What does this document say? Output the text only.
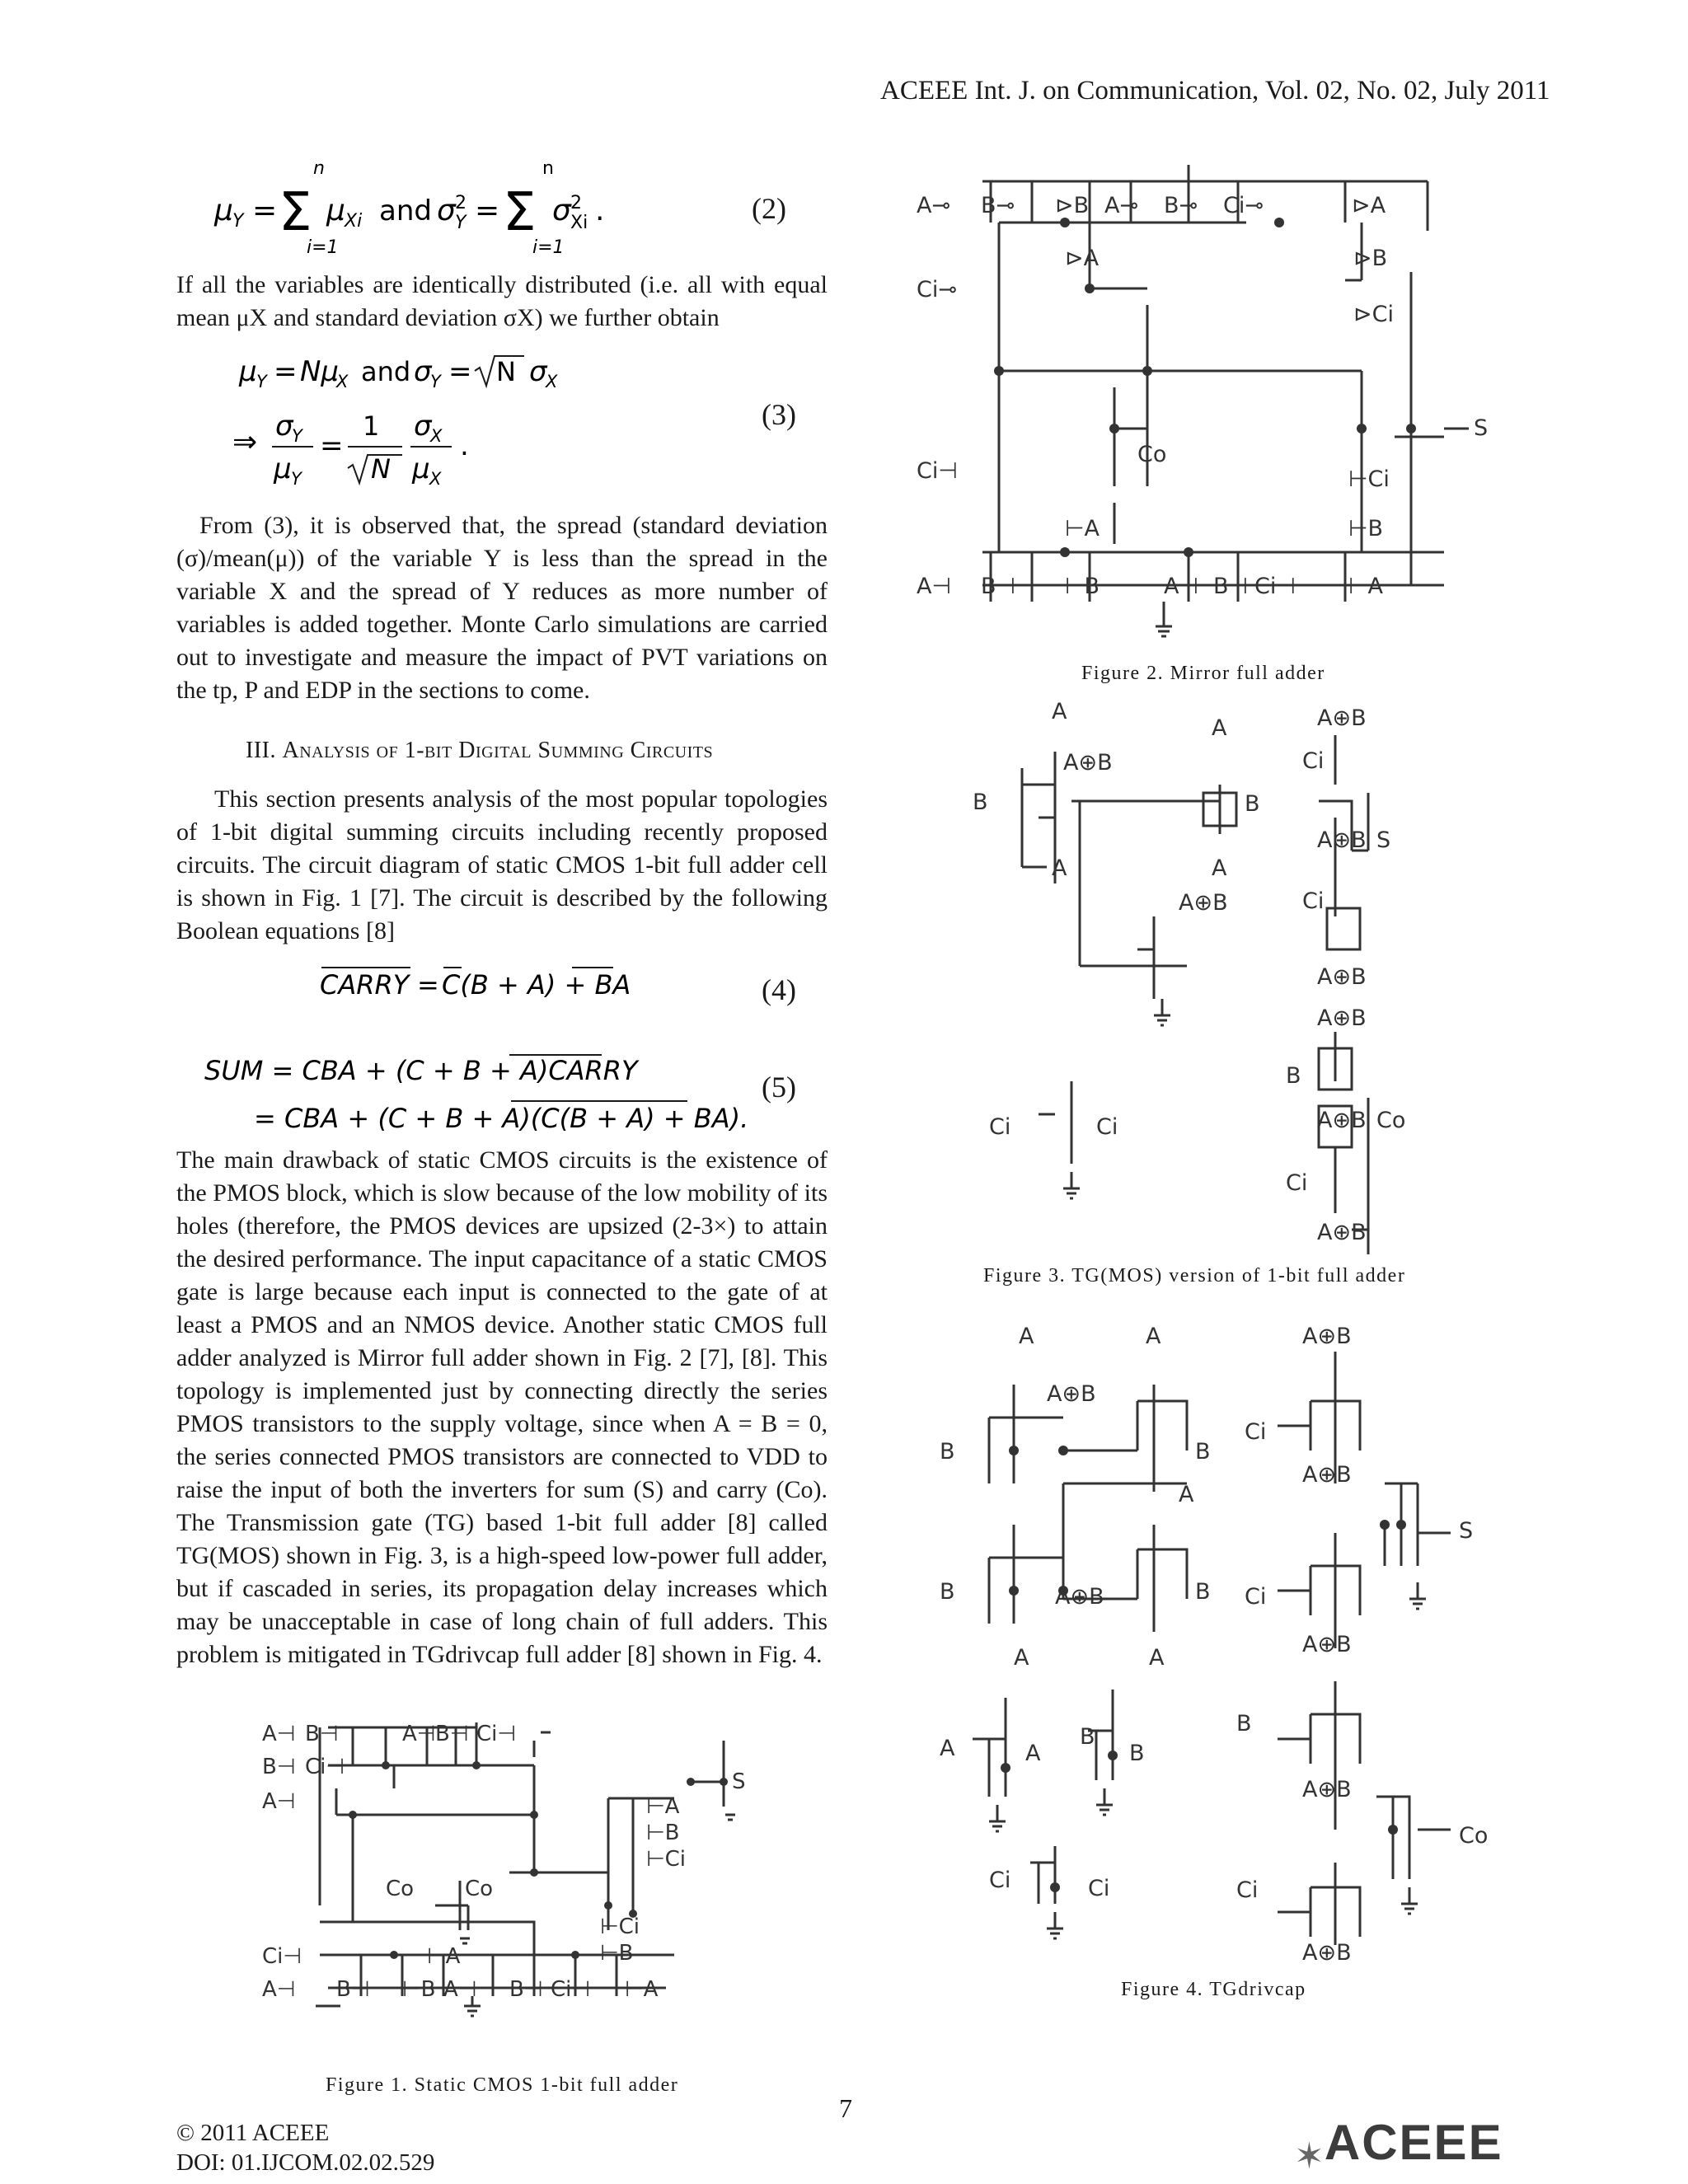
ACEEE Int. J. on Communication, Vol. 02, No. 02, July 2011
μ Y = Σ
n
i=1
μ Xi and σ 2
Y = Σ
n
i=1
σ 2
Xi .	(2)

If all the variables are identically distributed (i.e. all with equal mean μX and standard deviation σX) we further obtain

μ Y = Nμ
X and σ
Y = N σ
X
⇒ σ
Y
μ Y
=
1
N
σ
X
μ X
.
(3)

From (3), it is observed that, the spread (standard deviation (σ)/mean(μ)) of the variable Y is less than the spread in the variable X and the spread of Y reduces as more number of variables is added together. Monte Carlo simulations are carried out to investigate and measure the impact of PVT variations on the tp, P and EDP in the sections to come.

III. Analysis of 1-bit Digital Summing Circuits

This section presents analysis of the most popular topologies of 1-bit digital summing circuits including recently proposed circuits. The circuit diagram of static CMOS 1-bit full adder cell is shown in Fig. 1 [7]. The circuit is described by the following Boolean equations [8]

CARRY = C(B + A) + BA	(4)
SUM = CBA + (C + B + A)CARRY
= CBA + (C + B + A)(C(B + A) + BA).
(5)

The main drawback of static CMOS circuits is the existence of the PMOS block, which is slow because of the low mobility of its holes (therefore, the PMOS devices are upsized (2-3×) to attain the desired performance. The input capacitance of a static CMOS gate is large because each input is connected to the gate of at least a PMOS and an NMOS device. Another static CMOS full adder analyzed is Mirror full adder shown in Fig. 2 [7], [8]. This topology is implemented just by connecting directly the series PMOS transistors to the supply voltage, since when A = B = 0, the series connected PMOS transistors are connected to VDD to raise the input of both the inverters for sum (S) and carry (Co). The Transmission gate (TG) based 1-bit full adder [8] called TG(MOS) shown in Fig. 3, is a high-speed low-power full adder, but if cascaded in series, its propagation delay increases which may be unacceptable in case of long chain of full adders. This problem is mitigated in TGdrivcap full adder [8] shown in Fig. 4.

A⊣ B⊣	A⊣ B⊣ Ci⊣
B⊣ Ci⊣
A⊣	⊢A
⊢B
⊢Ci
⊢Ci
⊢B
Co Co
S
Ci⊣	⊢A
A⊣ B⊣ ⊢B A⊣ B⊣ Ci⊣ ⊢A
Figure 1. Static CMOS 1-bit full adder
A⊸ B⊸ ⊳B A⊸ B⊸ Ci⊸	⊳A
⊳A	⊳B
⊳Ci
Ci⊸
Ci⊣
Co
⊢Ci
⊢A	⊢B
A⊣ B⊣ ⊢B	A⊣ B⊣ Ci⊣ ⊢A
S
Figure 2. Mirror full adder
A
A⊕B
B
A
A
B
A
A⊕B
A⊕B
Ci
A⊕B S
Ci
A⊕B
A⊕B
B
A⊕B Co
Ci
A⊕B
Ci	Ci
Figure 3. TG(MOS) version of 1-bit full adder
A	A
A⊕B
B	B
A
B	B
A⊕B
A	A
A⊕B
Ci
A⊕B
S
Ci
A⊕B
A	A
B
B
B
A⊕B
Co
Ci
Ci	Ci
A⊕B
Figure 4. TGdrivcap
7
© 2011 ACEEE
DOI: 01.IJCOM.02.02.529	✶ACEEE
